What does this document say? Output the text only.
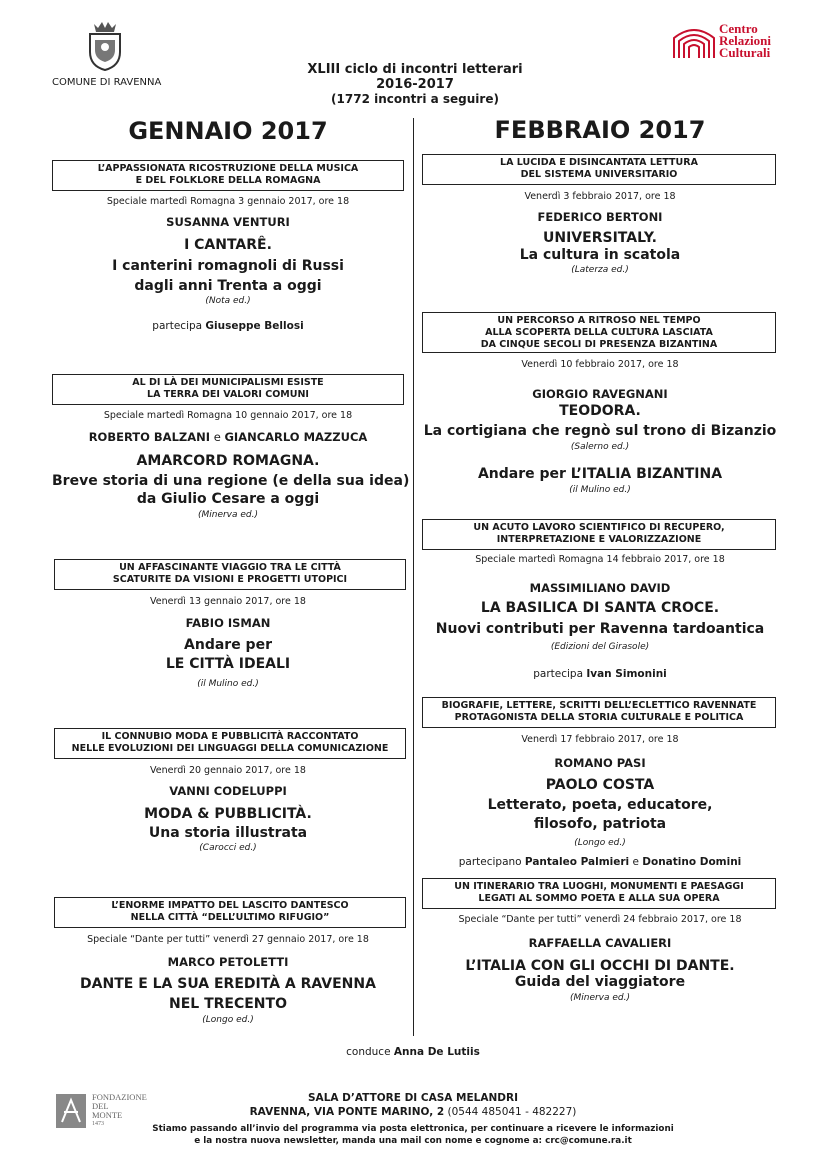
COMUNE DI RAVENNA
XLIII ciclo di incontri letterari
2016-2017
(1772 incontri a seguire)
Centro
Relazioni
Culturali
GENNAIO 2017	FEBBRAIO 2017
L’APPASSIONATA RICOSTRUZIONE DELLA MUSICA
E DEL FOLKLORE DELLA ROMAGNA
Speciale martedì Romagna 3 gennaio 2017, ore 18
SUSANNA VENTURI
I CANTARÊ.
I canterini romagnoli di Russi
dagli anni Trenta a oggi
(Nota ed.)
partecipa Giuseppe Bellosi
AL DI LÀ DEI MUNICIPALISMI ESISTE
LA TERRA DEI VALORI COMUNI
Speciale martedì Romagna 10 gennaio 2017, ore 18
ROBERTO BALZANI e GIANCARLO MAZZUCA
AMARCORD ROMAGNA.
Breve storia di una regione (e della sua idea)
da Giulio Cesare a oggi
(Minerva ed.)
UN AFFASCINANTE VIAGGIO TRA LE CITTÀ
SCATURITE DA VISIONI E PROGETTI UTOPICI
Venerdì 13 gennaio 2017, ore 18
FABIO ISMAN
Andare per
LE CITTÀ IDEALI
(il Mulino ed.)
IL CONNUBIO MODA E PUBBLICITÀ RACCONTATO
NELLE EVOLUZIONI DEI LINGUAGGI DELLA COMUNICAZIONE
Venerdì 20 gennaio 2017, ore 18
VANNI CODELUPPI
MODA & PUBBLICITÀ.
Una storia illustrata
(Carocci ed.)
L’ENORME IMPATTO DEL LASCITO DANTESCO
NELLA CITTÀ “DELL’ULTIMO RIFUGIO”
Speciale “Dante per tutti” venerdì 27 gennaio 2017, ore 18
MARCO PETOLETTI
DANTE E LA SUA EREDITÀ A RAVENNA
NEL TRECENTO
(Longo ed.)
LA LUCIDA E DISINCANTATA LETTURA
DEL SISTEMA UNIVERSITARIO
Venerdì 3 febbraio 2017, ore 18
FEDERICO BERTONI
UNIVERSITALY.
La cultura in scatola
(Laterza ed.)
UN PERCORSO A RITROSO NEL TEMPO
ALLA SCOPERTA DELLA CULTURA LASCIATA
DA CINQUE SECOLI DI PRESENZA BIZANTINA
Venerdì 10 febbraio 2017, ore 18
GIORGIO RAVEGNANI
TEODORA.
La cortigiana che regnò sul trono di Bizanzio
(Salerno ed.)
Andare per L’ITALIA BIZANTINA
(il Mulino ed.)
UN ACUTO LAVORO SCIENTIFICO DI RECUPERO,
INTERPRETAZIONE E VALORIZZAZIONE
Speciale martedì Romagna 14 febbraio 2017, ore 18
MASSIMILIANO DAVID
LA BASILICA DI SANTA CROCE.
Nuovi contributi per Ravenna tardoantica
(Edizioni del Girasole)
partecipa Ivan Simonini
BIOGRAFIE, LETTERE, SCRITTI DELL’ECLETTICO RAVENNATE
PROTAGONISTA DELLA STORIA CULTURALE E POLITICA
Venerdì 17 febbraio 2017, ore 18
ROMANO PASI
PAOLO COSTA
Letterato, poeta, educatore,
filosofo, patriota
(Longo ed.)
partecipano Pantaleo Palmieri e Donatino Domini
UN ITINERARIO TRA LUOGHI, MONUMENTI E PAESAGGI
LEGATI AL SOMMO POETA E ALLA SUA OPERA
Speciale “Dante per tutti” venerdì 24 febbraio 2017, ore 18
RAFFAELLA CAVALIERI
L’ITALIA CON GLI OCCHI DI DANTE.
Guida del viaggiatore
(Minerva ed.)
conduce Anna De Lutiis
FONDAZIONE
DEL
MONTE
1473
SALA D’ATTORE DI CASA MELANDRI
RAVENNA, VIA PONTE MARINO, 2 (0544 485041 - 482227)
Stiamo passando all’invio del programma via posta elettronica, per continuare a ricevere le informazioni
e la nostra nuova newsletter, manda una mail con nome e cognome a: crc@comune.ra.it
